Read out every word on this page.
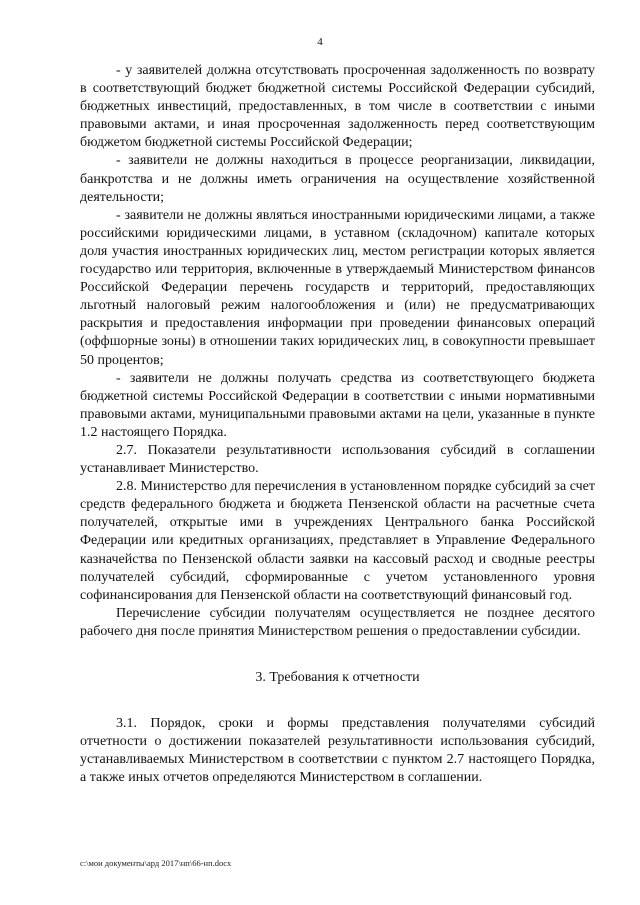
4

- у заявителей должна отсутствовать просроченная задолженность по возврату в соответствующий бюджет бюджетной системы Российской Федерации субсидий, бюджетных инвестиций, предоставленных, в том числе в соответствии с иными правовыми актами, и иная просроченная задолженность перед соответствующим бюджетом бюджетной системы Российской Федерации;

- заявители не должны находиться в процессе реорганизации, ликвидации, банкротства и не должны иметь ограничения на осуществление хозяйственной деятельности;

- заявители не должны являться иностранными юридическими лицами, а также российскими юридическими лицами, в уставном (складочном) капитале которых доля участия иностранных юридических лиц, местом регистрации которых является государство или территория, включенные в утверждаемый Министерством финансов Российской Федерации перечень государств и территорий, предоставляющих льготный налоговый режим налогообложения и (или) не предусматривающих раскрытия и предоставления информации при проведении финансовых операций (оффшорные зоны) в отношении таких юридических лиц, в совокупности превышает 50 процентов;

- заявители не должны получать средства из соответствующего бюджета бюджетной системы Российской Федерации в соответствии с иными нормативными правовыми актами, муниципальными правовыми актами на цели, указанные в пункте 1.2 настоящего Порядка.

2.7. Показатели результативности использования субсидий в соглашении устанавливает Министерство.

2.8. Министерство для перечисления в установленном порядке субсидий за счет средств федерального бюджета и бюджета Пензенской области на расчетные счета получателей, открытые ими в учреждениях Центрального банка Российской Федерации или кредитных организациях, представляет в Управление Федерального казначейства по Пензенской области заявки на кассовый расход и сводные реестры получателей субсидий, сформированные с учетом установленного уровня софинансирования для Пензенской области на соответствующий финансовый год.

Перечисление субсидии получателям осуществляется не позднее десятого рабочего дня после принятия Министерством решения о предоставлении субсидии.

3. Требования к отчетности

3.1. Порядок, сроки и формы представления получателями субсидий отчетности о достижении показателей результативности использования субсидий, устанавливаемых Министерством в соответствии с пунктом 2.7 настоящего Порядка, а также иных отчетов определяются Министерством в соглашении.

c:\мои документы\ард 2017\нп\66-нп.docx
